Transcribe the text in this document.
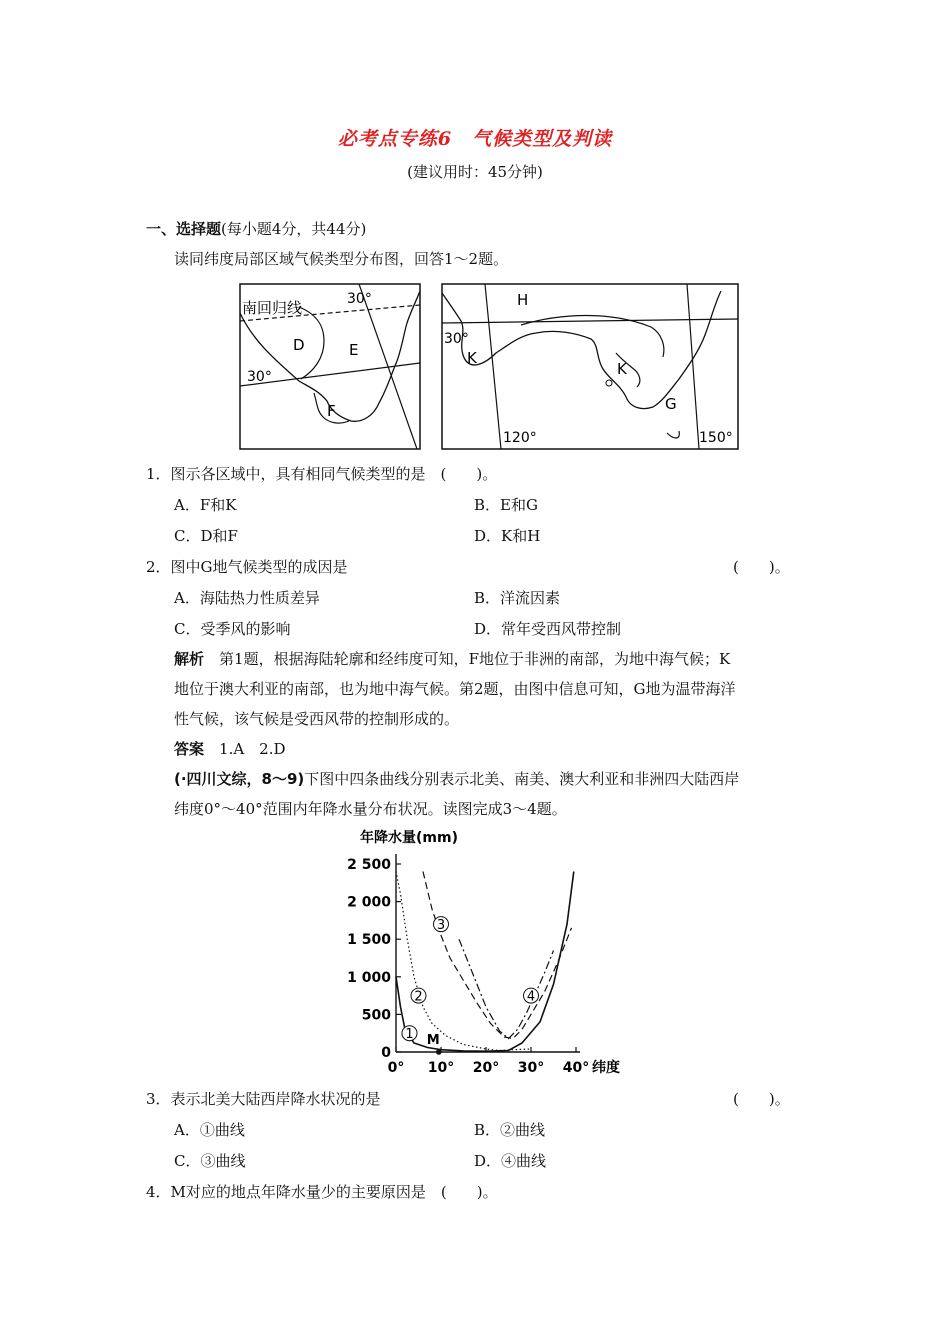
必考点专练6　气候类型及判读
(建议用时：45分钟)
一、选择题(每小题4分，共44分)
读同纬度局部区域气候类型分布图，回答1～2题。
南回归线	30°
30°
D	E
F
H
30°
K
K
G
120°	150°
1．图示各区域中，具有相同气候类型的是　(　　)。
A．F和K	B．E和G
C．D和F	D．K和H
2．图中G地气候类型的成因是	(　　)。
A．海陆热力性质差异	B．洋流因素
C．受季风的影响	D．常年受西风带控制
解析　 第1题，根据海陆轮廓和经纬度可知，F地位于非洲的南部，为地中海气候；K
地位于澳大利亚的南部，也为地中海气候。第2题，由图中信息可知，G地为温带海洋
性气候，该气候是受西风带的控制形成的。
答案　 1.A　2.D
(·四川文综，8～9)下图中四条曲线分别表示北美、南美、澳大利亚和非洲四大陆西岸
纬度0°～40°范围内年降水量分布状况。读图完成3～4题。
年降水量(mm)
0
500
1 000
1 500
2 000
2 500
0° 10° 20° 30° 40° 纬度
1
2
3
4
M
3．表示北美大陆西岸降水状况的是	(　　)。
A．①曲线	B．②曲线
C．③曲线	D．④曲线
4．M对应的地点年降水量少的主要原因是　(　　)。
